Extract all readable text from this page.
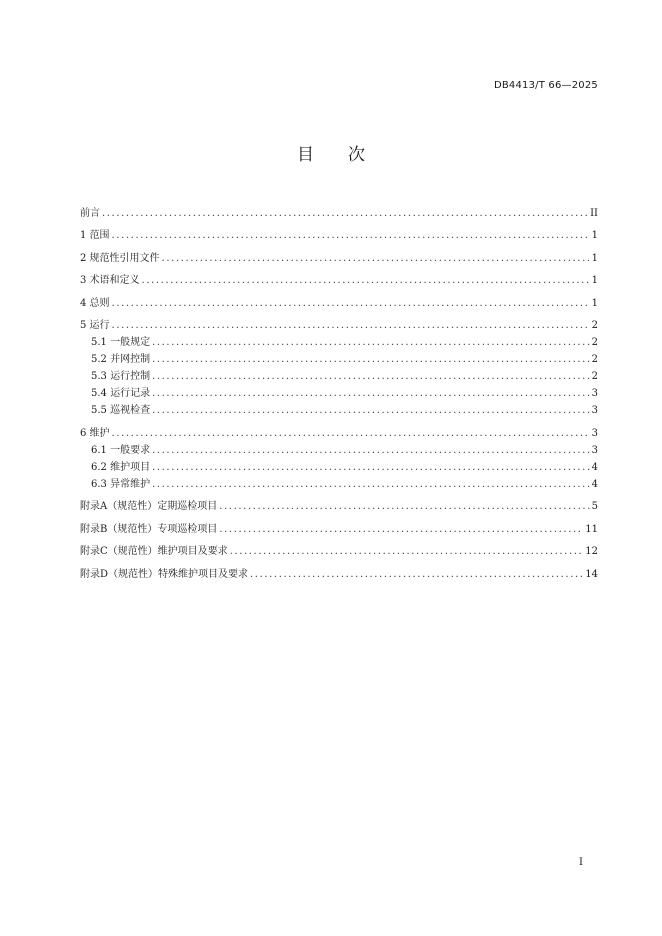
DB4413/T 66—2025
目次
前言 .....	II
1 范围 .....	1
2 规范性引用文件 .....	1
3 术语和定义 .....	1
4 总则 .....	1
5 运行 .....	2
5.1 一般规定 .....	2
5.2 并网控制 .....	2
5.3 运行控制 .....	2
5.4 运行记录 .....	3
5.5 巡视检查 .....	3
6 维护 .....	3
6.1 一般要求 .....	3
6.2 维护项目 .....	4
6.3 异常维护 .....	4
附录A（规范性）定期巡检项目 .....	5
附录B（规范性）专项巡检项目 .....	11
附录C（规范性）维护项目及要求 .....	12
附录D（规范性）特殊维护项目及要求 .....	14
I
